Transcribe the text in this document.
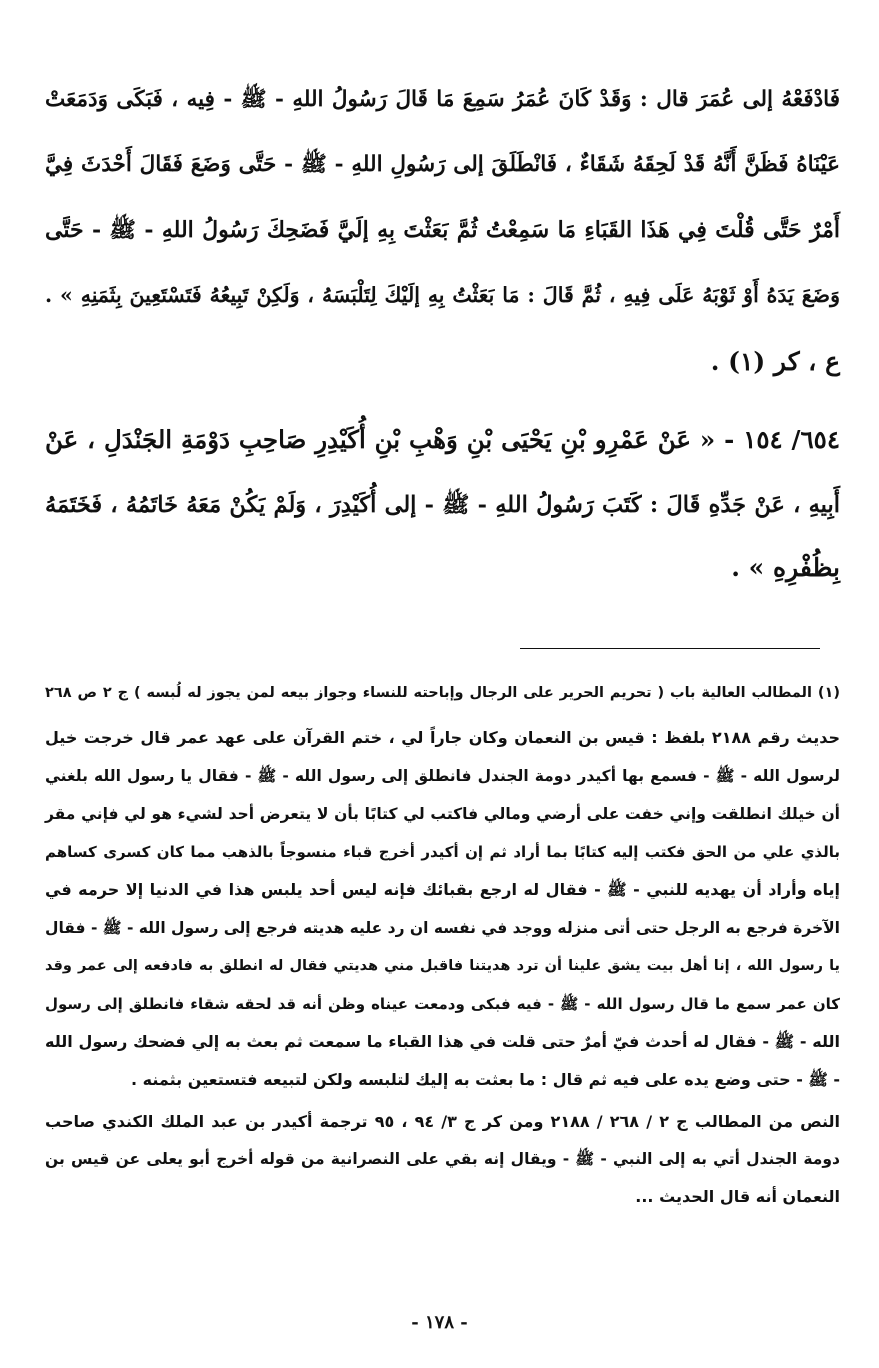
فَادْفَعْهُ إلى عُمَرَ قال : وَقَدْ كَانَ عُمَرُ سَمِعَ مَا قَالَ رَسُولُ اللهِ - ﷺ - فِيه ، فَبَكَى وَدَمَعَتْ
عَيْنَاهُ فَظَنَّ أَنَّهُ قَدْ لَحِقَهُ شَقَاءٌ ، فَانْطَلَقَ إلى رَسُولِ اللهِ - ﷺ - حَتَّى وَضَعَ فَقَالَ أَحْدَثَ فِيَّ
أَمْرٌ حَتَّى قُلْتَ فِي هَذَا القَبَاءِ مَا سَمِعْتُ ثُمَّ بَعَثْتَ بِهِ إلَيَّ فَضَحِكَ رَسُولُ اللهِ - ﷺ - حَتَّى
وَضَعَ يَدَهُ أَوْ ثَوْبَهُ عَلَى فِيهِ ، ثُمَّ قَالَ : مَا بَعَثْتُ بِهِ إلَيْكَ لِتَلْبَسَهُ ، وَلَكِنْ تَبِيعُهُ فَتَسْتَعِينَ بِثَمَنِهِ » .
ع ، كر (١) .
٦٥٤/ ١٥٤ - « عَنْ عَمْرِو بْنِ يَحْيَى بْنِ وَهْبِ بْنِ أُكَيْدِرِ صَاحِبِ دَوْمَةِ الجَنْدَلِ ، عَنْ
أَبِيهِ ، عَنْ جَدِّهِ قَالَ : كَتَبَ رَسُولُ اللهِ - ﷺ - إلى أُكَيْدِرَ ، وَلَمْ يَكُنْ مَعَهُ خَاتَمُهُ ، فَخَتَمَهُ
بِظُفْرِهِ » .
(١) المطالب العالية باب ( تحريم الحرير على الرجال وإباحته للنساء وجواز بيعه لمن يجوز له لُبسه ) ج ٢ ص ٢٦٨
حديث رقم ٢١٨٨ بلفظ : قيس بن النعمان وكان جاراً لي ، ختم القرآن على عهد عمر قال خرجت خيل
لرسول الله - ﷺ - فسمع بها أكيدر دومة الجندل فانطلق إلى رسول الله - ﷺ - فقال يا رسول الله بلغني
أن خيلك انطلقت وإني خفت على أرضي ومالي فاكتب لي كتابًا بأن لا يتعرض أحد لشيء هو لي فإني مقر
بالذي علي من الحق فكتب إليه كتابًا بما أراد ثم إن أكيدر أخرج قباء منسوجاً بالذهب مما كان كسرى كساهم
إياه وأراد أن يهديه للنبي - ﷺ - فقال له ارجع بقبائك فإنه ليس أحد يلبس هذا في الدنيا إلا حرمه في
الآخرة فرجع به الرجل حتى أتى منزله ووجد في نفسه ان رد عليه هديته فرجع إلى رسول الله - ﷺ - فقال
يا رسول الله ، إنا أهل بيت يشق علينا أن ترد هديتنا فاقبل مني هديتي فقال له انطلق به فادفعه إلى عمر وقد
كان عمر سمع ما قال رسول الله - ﷺ - فيه فبكى ودمعت عيناه وظن أنه قد لحقه شقاء فانطلق إلى رسول
الله - ﷺ - فقال له أحدث فيّ أمرٌ حتى قلت في هذا القباء ما سمعت ثم بعث به إلي فضحك رسول الله
- ﷺ - حتى وضع يده على فيه ثم قال : ما بعثت به إليك لتلبسه ولكن لتبيعه فتستعين بثمنه .
النص من المطالب ج ٢ / ٢٦٨ / ٢١٨٨ ومن كر ج ٣/ ٩٤ ، ٩٥ ترجمة أكيدر بن عبد الملك الكندي صاحب
دومة الجندل أتي به إلى النبي - ﷺ - ويقال إنه بقي على النصرانية من قوله أخرج أبو يعلى عن قيس بن
النعمان أنه قال الحديث ...
- ١٧٨ -
